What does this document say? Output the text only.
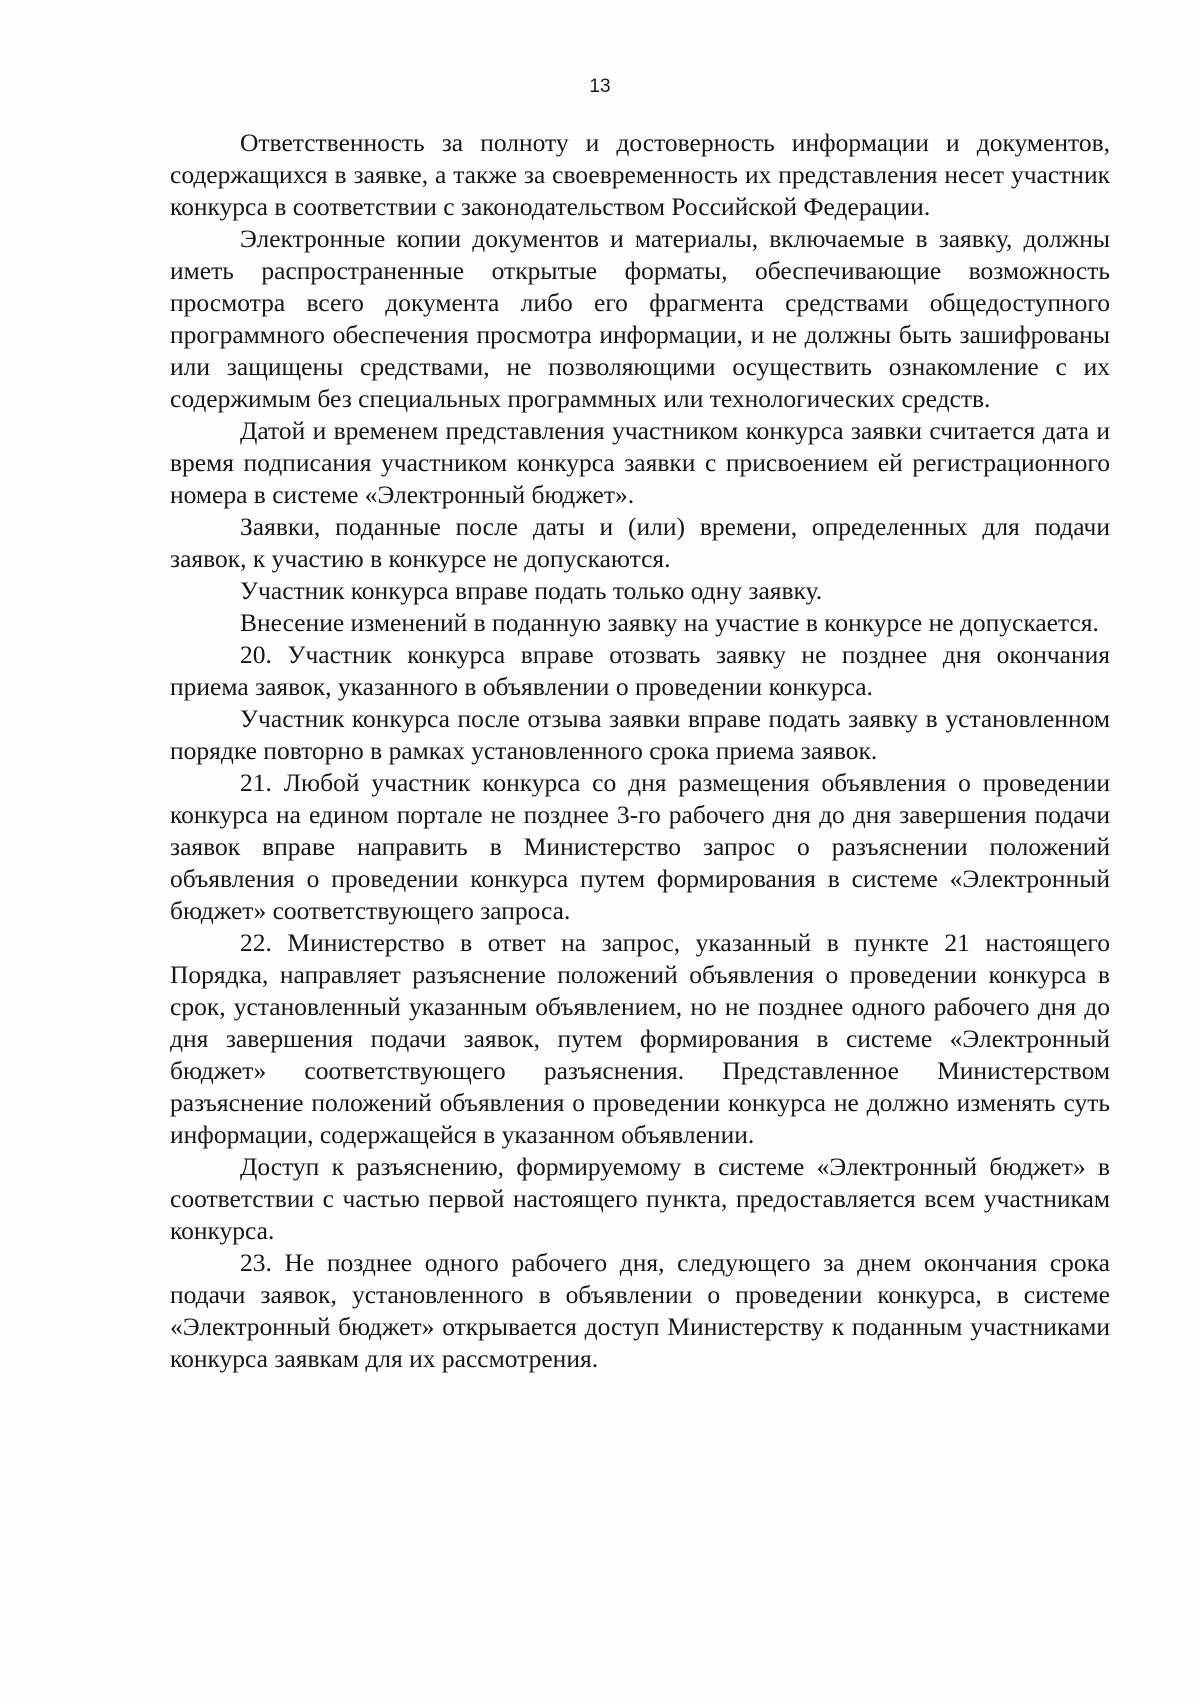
13

Ответственность за полноту и достоверность информации и документов, содержащихся в заявке, а также за своевременность их представления несет участник конкурса в соответствии с законодательством Российской Федерации.

Электронные копии документов и материалы, включаемые в заявку, должны иметь распространенные открытые форматы, обеспечивающие возможность просмотра всего документа либо его фрагмента средствами общедоступного программного обеспечения просмотра информации, и не должны быть зашифрованы или защищены средствами, не позволяющими осуществить ознакомление с их содержимым без специальных программных или технологических средств.

Датой и временем представления участником конкурса заявки считается дата и время подписания участником конкурса заявки с присвоением ей регистрационного номера в системе «Электронный бюджет».

Заявки, поданные после даты и (или) времени, определенных для подачи заявок, к участию в конкурсе не допускаются.

Участник конкурса вправе подать только одну заявку.

Внесение изменений в поданную заявку на участие в конкурсе не допускается.

20. Участник конкурса вправе отозвать заявку не позднее дня окончания приема заявок, указанного в объявлении о проведении конкурса.

Участник конкурса после отзыва заявки вправе подать заявку в установленном порядке повторно в рамках установленного срока приема заявок.

21. Любой участник конкурса со дня размещения объявления о проведении конкурса на едином портале не позднее 3-го рабочего дня до дня завершения подачи заявок вправе направить в Министерство запрос о разъяснении положений объявления о проведении конкурса путем формирования в системе «Электронный бюджет» соответствующего запроса.

22. Министерство в ответ на запрос, указанный в пункте 21 настоящего Порядка, направляет разъяснение положений объявления о проведении конкурса в срок, установленный указанным объявлением, но не позднее одного рабочего дня до дня завершения подачи заявок, путем формирования в системе «Электронный бюджет» соответствующего разъяснения. Представленное Министерством разъяснение положений объявления о проведении конкурса не должно изменять суть информации, содержащейся в указанном объявлении.

Доступ к разъяснению, формируемому в системе «Электронный бюджет» в соответствии с частью первой настоящего пункта, предоставляется всем участникам конкурса.

23. Не позднее одного рабочего дня, следующего за днем окончания срока подачи заявок, установленного в объявлении о проведении конкурса, в системе «Электронный бюджет» открывается доступ Министерству к поданным участниками конкурса заявкам для их рассмотрения.
